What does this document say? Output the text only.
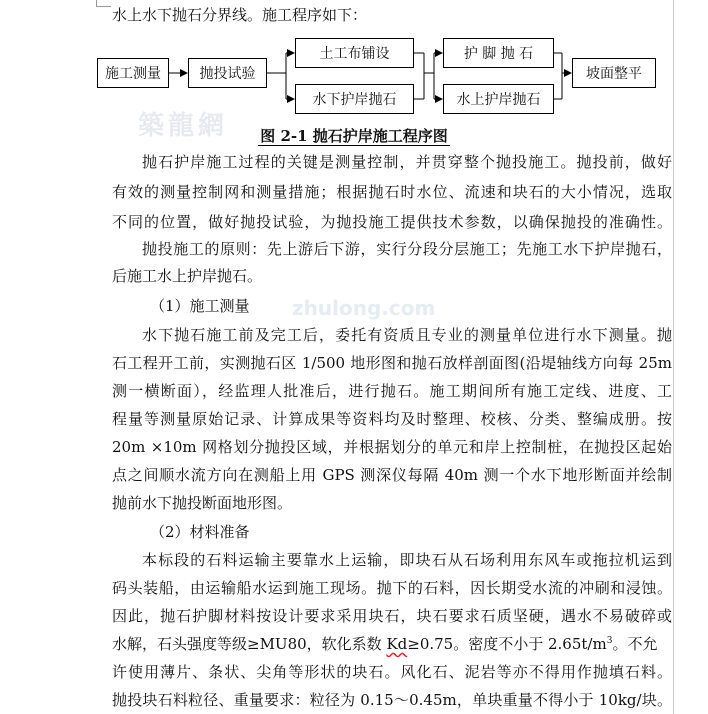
築龍網
zhulong.com
水上水下抛石分界线。施工程序如下：
施工测量	抛投试验
土工布铺设
水下护岸抛石
护 脚 抛 石
水上护岸抛石
坡面整平
图 2-1 抛石护岸施工程序图
抛石护岸施工过程的关键是测量控制，并贯穿整个抛投施工。抛投前，做好
有效的测量控制网和测量措施；根据抛石时水位、流速和块石的大小情况，选取
不同的位置，做好抛投试验，为抛投施工提供技术参数，以确保抛投的准确性。
抛投施工的原则：先上游后下游，实行分段分层施工；先施工水下护岸抛石，
后施工水上护岸抛石。
（1）施工测量
水下抛石施工前及完工后，委托有资质且专业的测量单位进行水下测量。抛
石工程开工前，实测抛石区 1/500 地形图和抛石放样剖面图(沿堤轴线方向每 25m
测一横断面），经监理人批准后，进行抛石。施工期间所有施工定线、进度、工
程量等测量原始记录、计算成果等资料均及时整理、校核、分类、整编成册。按
20m ×10m 网格划分抛投区域，并根据划分的单元和岸上控制桩，在抛投区起始
点之间顺水流方向在测船上用 GPS 测深仪每隔 40m 测一个水下地形断面并绘制
抛前水下抛投断面地形图。
（2）材料准备
本标段的石料运输主要靠水上运输，即块石从石场利用东风车或拖拉机运到
码头装船，由运输船水运到施工现场。抛下的石料，因长期受水流的冲刷和浸蚀。
因此，抛石护脚材料按设计要求采用块石，块石要求石质坚硬，遇水不易破碎或
水解，石头强度等级≥MU80，软化系数 Kd≥0.75。密度不小于 $2.65t/m^3$。不允
许使用薄片、条状、尖角等形状的块石。风化石、泥岩等亦不得用作抛填石料。
抛投块石料粒径、重量要求：粒径为 0.15～0.45m，单块重量不得小于 10kg/块。
